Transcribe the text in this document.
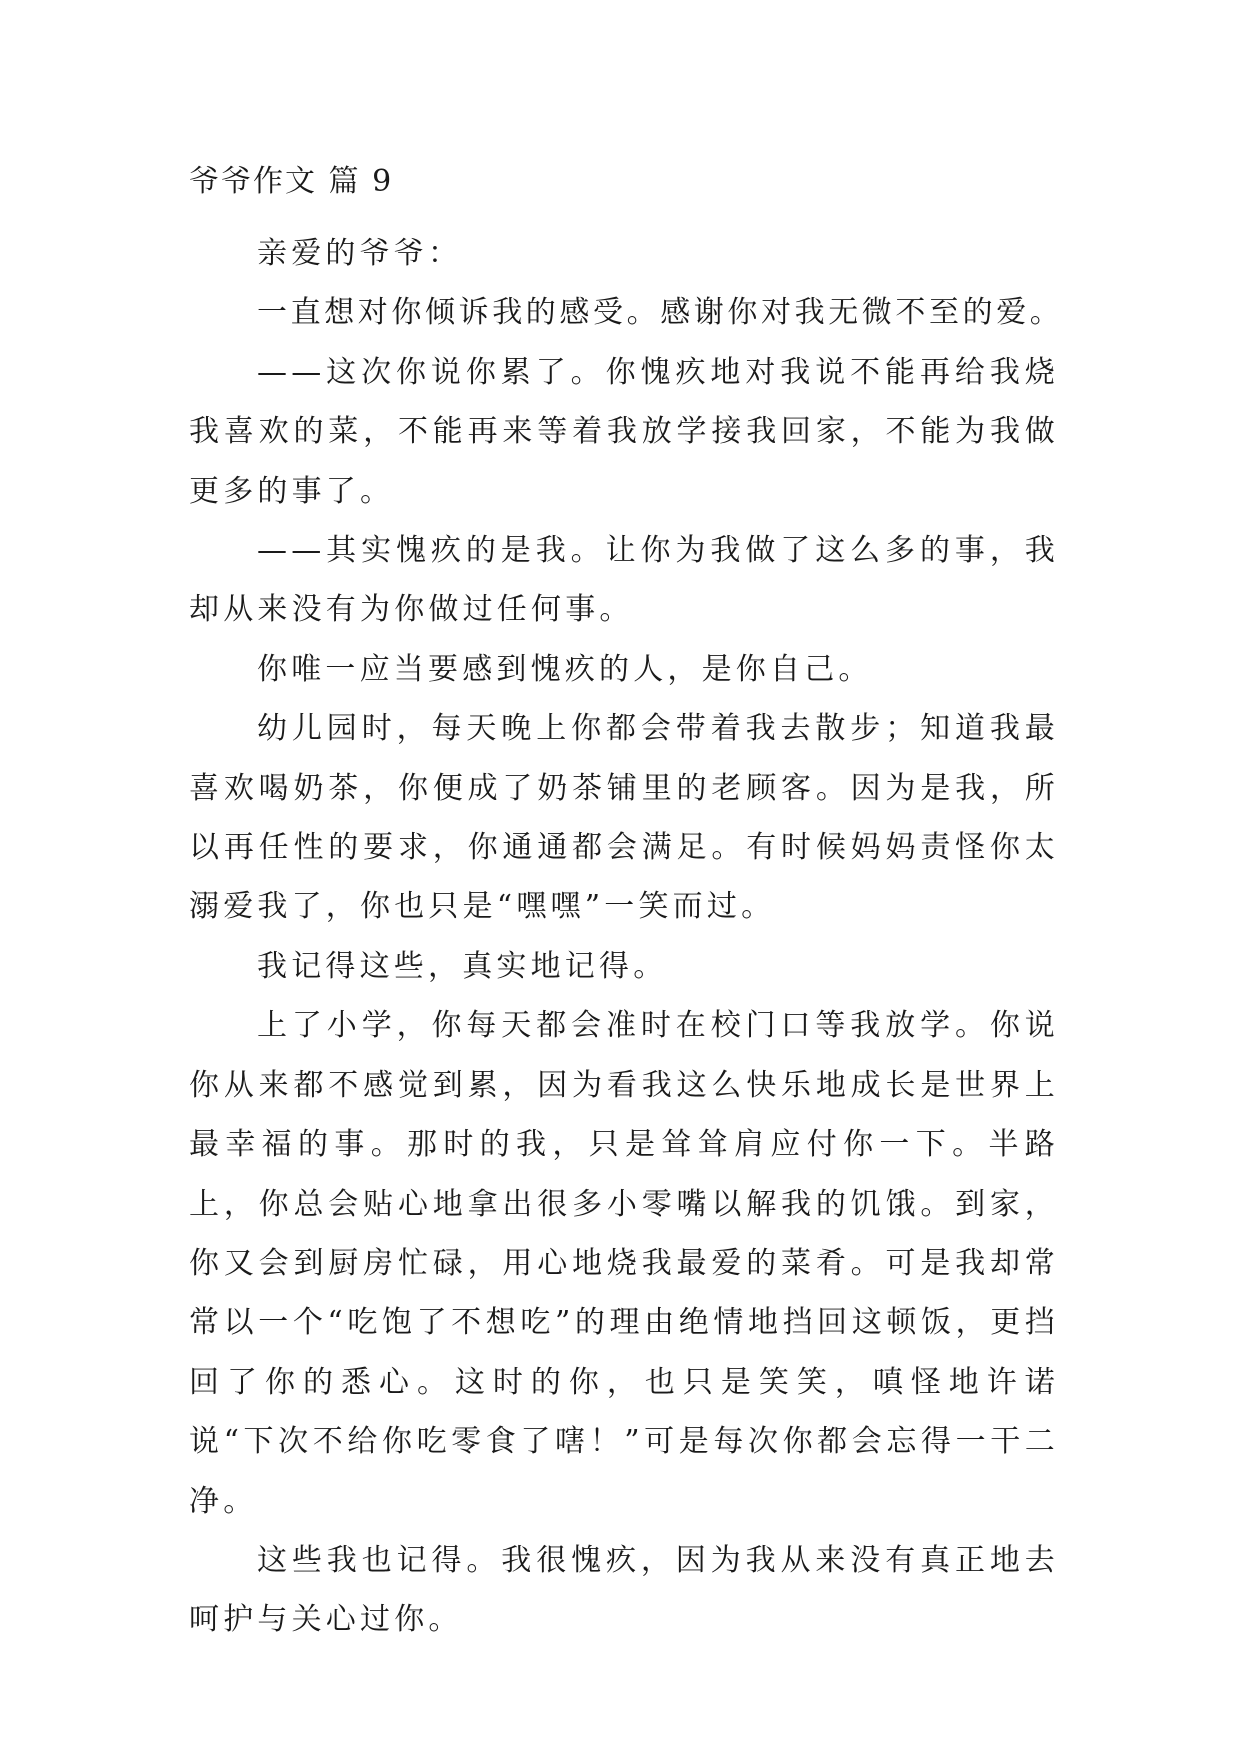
爷爷作文 篇 9

亲爱的爷爷：

一直想对你倾诉我的感受。感谢你对我无微不至的爱。

——这次你说你累了。你愧疚地对我说不能再给我烧我喜欢的菜，不能再来等着我放学接我回家，不能为我做更多的事了。

——其实愧疚的是我。让你为我做了这么多的事，我却从来没有为你做过任何事。

你唯一应当要感到愧疚的人，是你自己。

幼儿园时，每天晚上你都会带着我去散步；知道我最喜欢喝奶茶，你便成了奶茶铺里的老顾客。因为是我，所以再任性的要求，你通通都会满足。有时候妈妈责怪你太溺爱我了，你也只是“嘿嘿”一笑而过。

我记得这些，真实地记得。

上了小学，你每天都会准时在校门口等我放学。你说你从来都不感觉到累，因为看我这么快乐地成长是世界上最幸福的事。那时的我，只是耸耸肩应付你一下。半路上，你总会贴心地拿出很多小零嘴以解我的饥饿。到家，你又会到厨房忙碌，用心地烧我最爱的菜肴。可是我却常常以一个“吃饱了不想吃”的理由绝情地挡回这顿饭，更挡回了你的悉心。这时的你，也只是笑笑，嗔怪地许诺说“下次不给你吃零食了嗐！”可是每次你都会忘得一干二净。

这些我也记得。我很愧疚，因为我从来没有真正地去呵护与关心过你。
